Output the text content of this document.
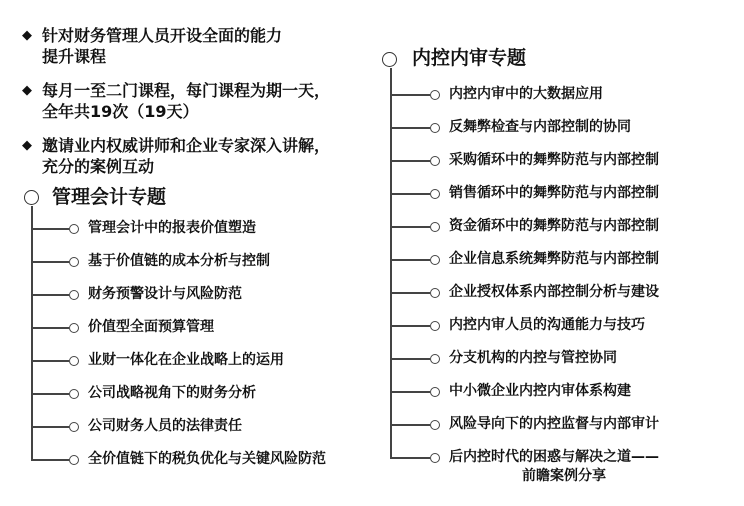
◆ 针对财务管理人员开设全面的能力
提升课程
◆ 每月一至二门课程，每门课程为期一天，
全年共19次（19天）
◆ 邀请业内权威讲师和企业专家深入讲解，
充分的案例互动
管理会计专题
管理会计中的报表价值塑造
基于价值链的成本分析与控制
财务预警设计与风险防范
价值型全面预算管理
业财一体化在企业战略上的运用
公司战略视角下的财务分析
公司财务人员的法律责任
全价值链下的税负优化与关键风险防范
内控内审专题
内控内审中的大数据应用
反舞弊检查与内部控制的协同
采购循环中的舞弊防范与内部控制
销售循环中的舞弊防范与内部控制
资金循环中的舞弊防范与内部控制
企业信息系统舞弊防范与内部控制
企业授权体系内部控制分析与建设
内控内审人员的沟通能力与技巧
分支机构的内控与管控协同
中小微企业内控内审体系构建
风险导向下的内控监督与内部审计
后内控时代的困惑与解决之道——
前瞻案例分享
